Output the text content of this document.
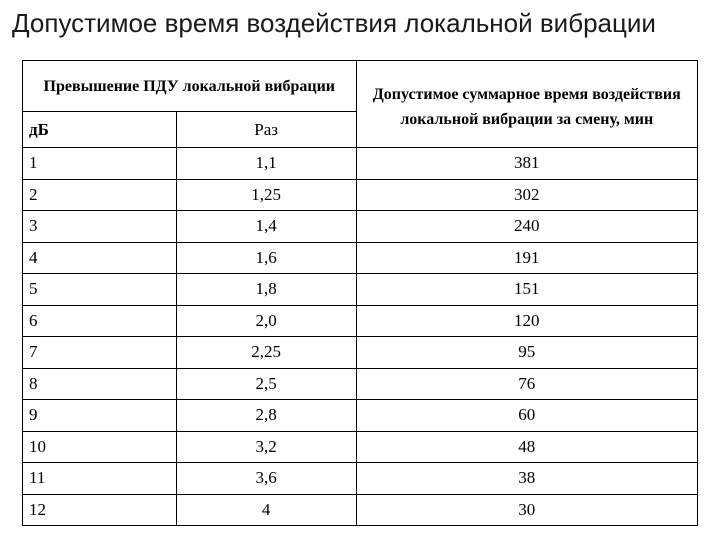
Допустимое время воздействия локальной вибрации
Превышение ПДУ локальной вибрации		Допустимое суммарное время воздействия локальной вибрации за смену, мин
дБ	Раз	
1	1,1	381
2	1,25	302
3	1,4	240
4	1,6	191
5	1,8	151
6	2,0	120
7	2,25	95
8	2,5	76
9	2,8	60
10	3,2	48
11	3,6	38
12	4	30
